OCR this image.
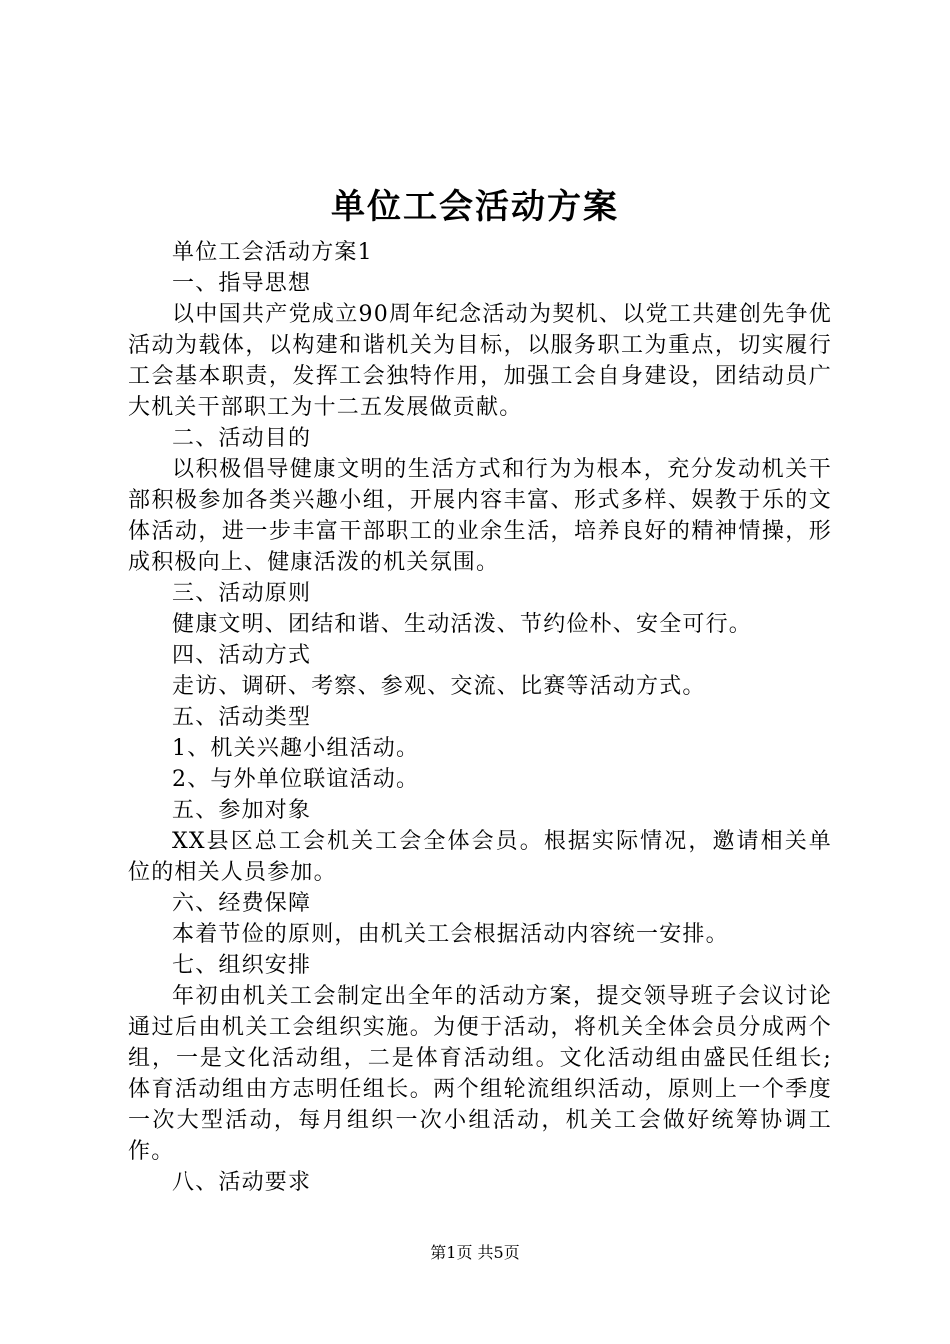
单位工会活动方案

单位工会活动方案1

一、指导思想

以中国共产党成立90周年纪念活动为契机、以党工共建创先争优活动为载体，以构建和谐机关为目标，以服务职工为重点，切实履行工会基本职责，发挥工会独特作用，加强工会自身建设，团结动员广大机关干部职工为十二五发展做贡献。

二、活动目的

以积极倡导健康文明的生活方式和行为为根本，充分发动机关干部积极参加各类兴趣小组，开展内容丰富、形式多样、娱教于乐的文体活动，进一步丰富干部职工的业余生活，培养良好的精神情操，形成积极向上、健康活泼的机关氛围。

三、活动原则

健康文明、团结和谐、生动活泼、节约俭朴、安全可行。

四、活动方式

走访、调研、考察、参观、交流、比赛等活动方式。

五、活动类型

1、机关兴趣小组活动。

2、与外单位联谊活动。

五、参加对象

XX县区总工会机关工会全体会员。根据实际情况，邀请相关单位的相关人员参加。

六、经费保障

本着节俭的原则，由机关工会根据活动内容统一安排。

七、组织安排

年初由机关工会制定出全年的活动方案，提交领导班子会议讨论通过后由机关工会组织实施。为便于活动，将机关全体会员分成两个组，一是文化活动组，二是体育活动组。文化活动组由盛民任组长;体育活动组由方志明任组长。两个组轮流组织活动，原则上一个季度一次大型活动，每月组织一次小组活动，机关工会做好统筹协调工作。

八、活动要求

第1页 共5页
